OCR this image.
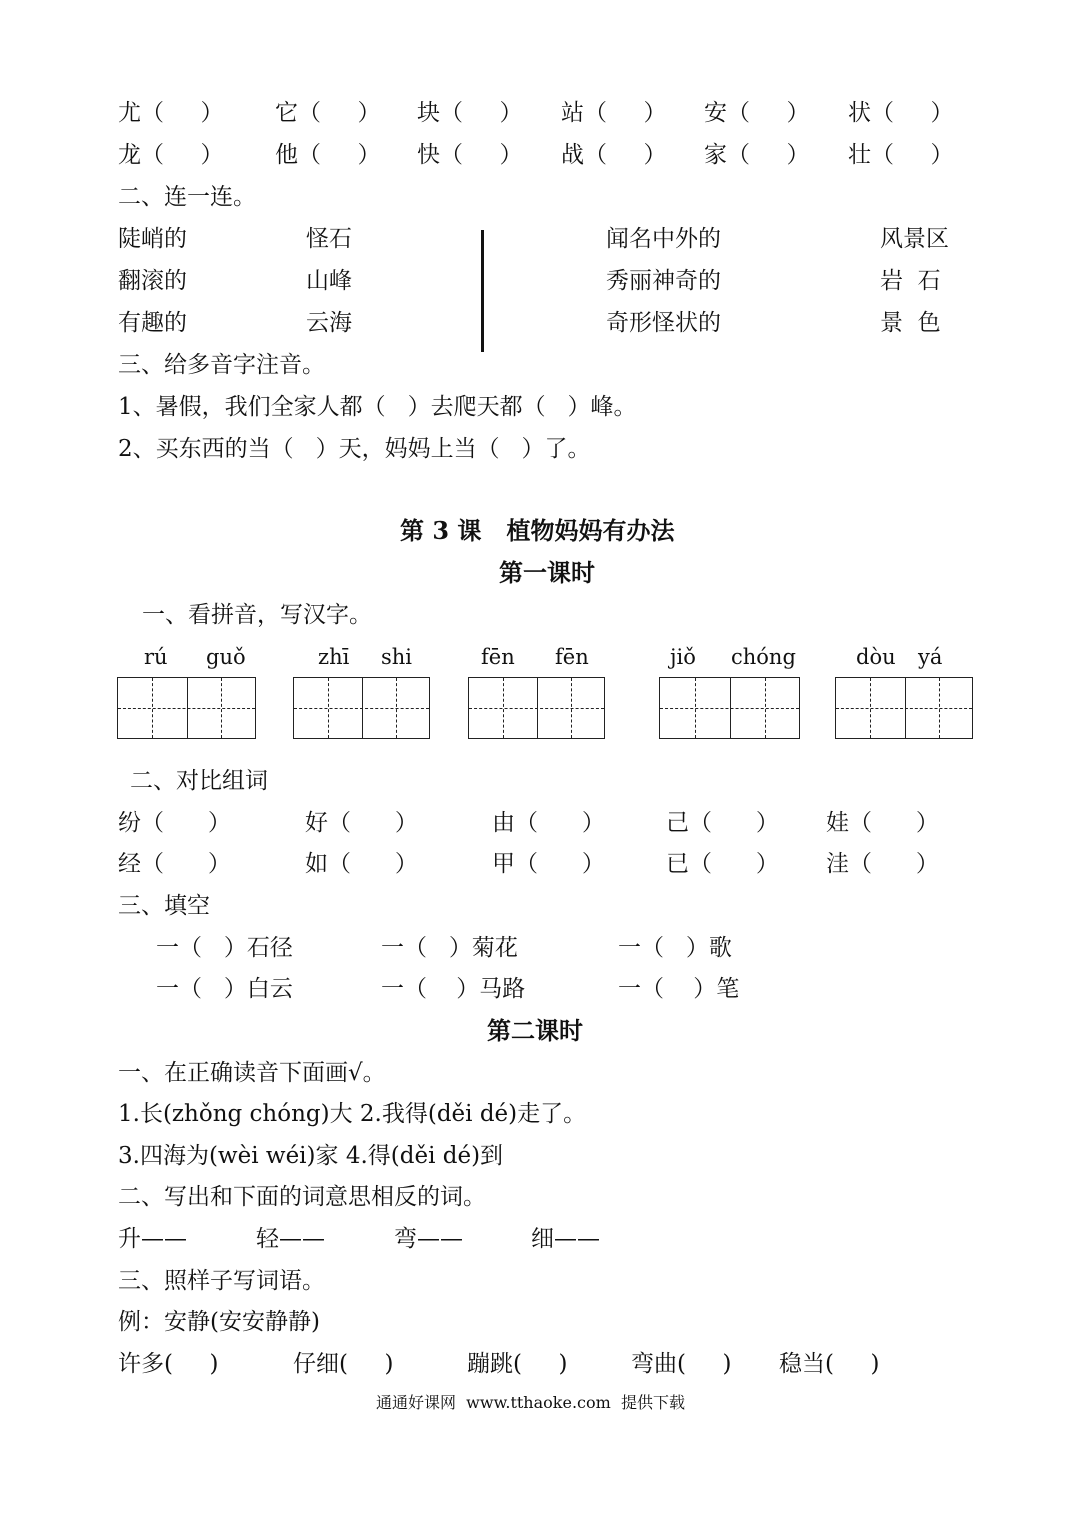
尤（     ） 它（     ） 块（     ） 站（     ） 安（     ） 状（     ）
龙（     ） 他（     ） 快（     ） 战（     ） 家（     ） 壮（     ）
二、连一连。
陡峭的	怪石
翻滚的	山峰
有趣的	云海
闻名中外的	风景区
秀丽神奇的	岩  石
奇形怪状的	景  色
三、给多音字注音。
1、暑假，我们全家人都（   ）去爬天都（   ）峰。
2、买东西的当（   ）天，妈妈上当（   ）了。
第 3 课   植物妈妈有办法
第一课时
一、看拼音，写汉字。
rú guǒ	zhī shi	fēn fēn	jiǒ chóng	dòu yá
二、对比组词
纷（      ）	好（      ）	由（      ）	己（      ） 娃（      ）
经（      ）	如（      ）	甲（      ）	已（      ） 洼（      ）
三、填空
一（   ）石径	一（   ）菊花	一（   ）歌
一（   ）白云	一（    ）马路	一（    ）笔
第二课时
一、在正确读音下面画√。
1.长(zhǒng chóng)大 2.我得(děi dé)走了。
3.四海为(wèi wéi)家 4.得(děi dé)到
二、写出和下面的词意思相反的词。
升——	轻——	弯——	细——
三、照样子写词语。
例：安静(安安静静)
许多(     )	仔细(     )	蹦跳(     )	弯曲(     ) 稳当(     )
通通好课网  www.tthaoke.com  提供下载
